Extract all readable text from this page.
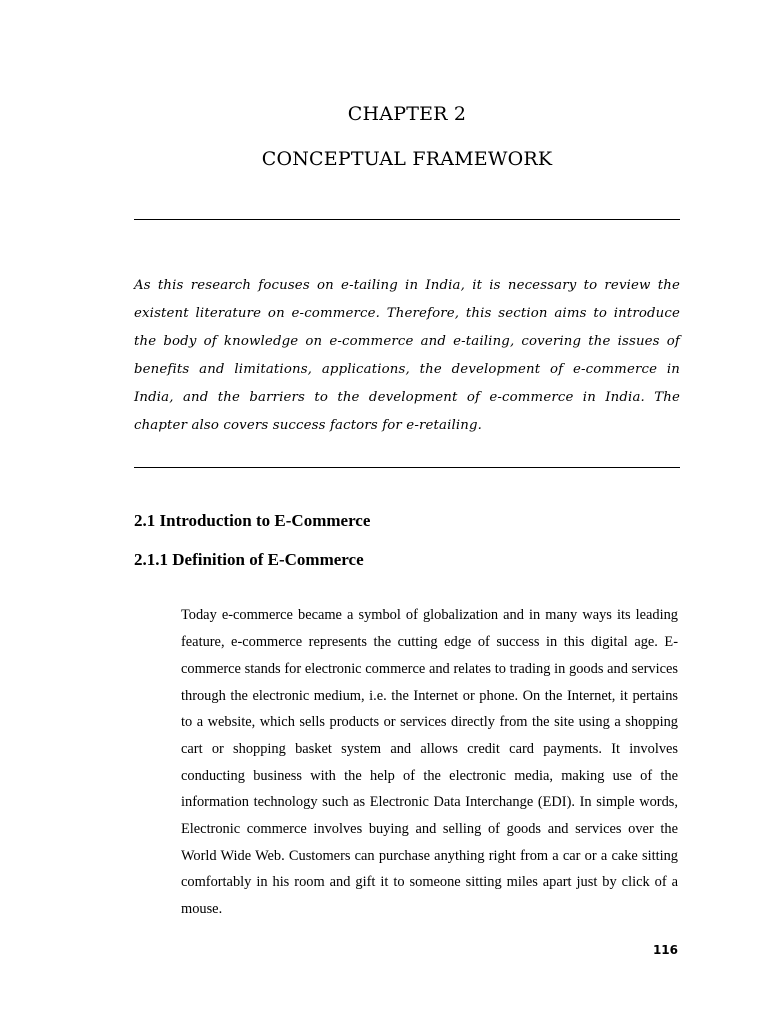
CHAPTER 2
CONCEPTUAL FRAMEWORK

As this research focuses on e-tailing in India, it is necessary to review the existent literature on e-commerce. Therefore, this section aims to introduce the body of knowledge on e-commerce and e-tailing, covering the issues of benefits and limitations, applications, the development of e-commerce in India, and the barriers to the development of e-commerce in India. The chapter also covers success factors for e-retailing.

2.1 Introduction to E-Commerce
2.1.1 Definition of E-Commerce

Today e-commerce became a symbol of globalization and in many ways its leading feature, e-commerce represents the cutting edge of success in this digital age. E-commerce stands for electronic commerce and relates to trading in goods and services through the electronic medium, i.e. the Internet or phone. On the Internet, it pertains to a website, which sells products or services directly from the site using a shopping cart or shopping basket system and allows credit card payments. It involves conducting business with the help of the electronic media, making use of the information technology such as Electronic Data Interchange (EDI). In simple words, Electronic commerce involves buying and selling of goods and services over the World Wide Web. Customers can purchase anything right from a car or a cake sitting comfortably in his room and gift it to someone sitting miles apart just by click of a mouse.

116
